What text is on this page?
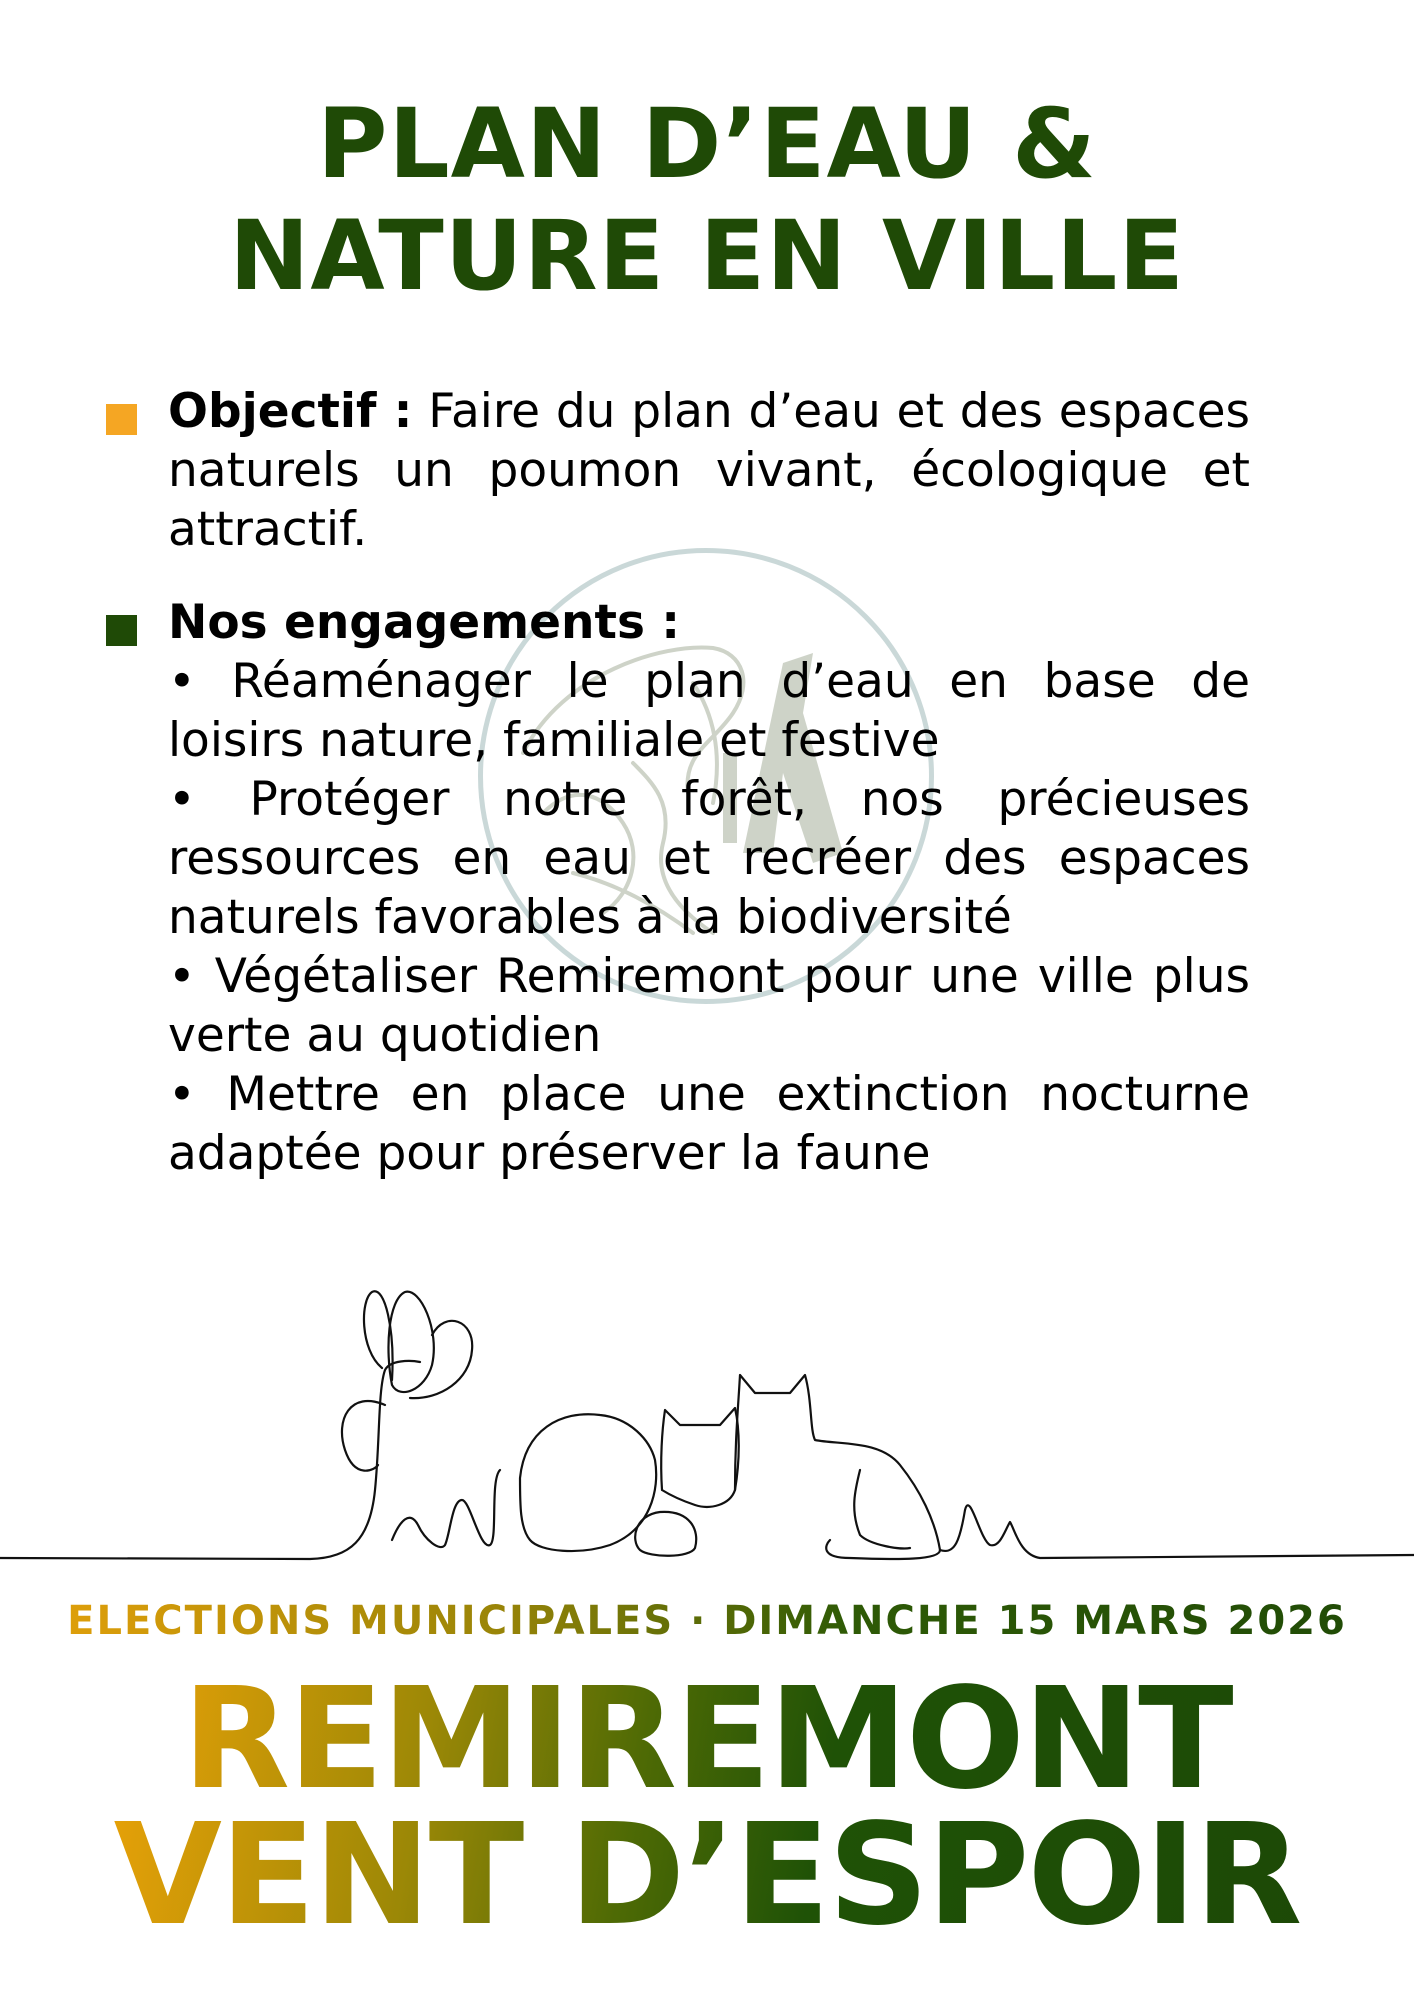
PLAN D’EAU &
NATURE EN VILLE

Objectif : Faire du plan d’eau et des espaces naturels un poumon vivant, écologique et attractif.

Nos engagements :

• Réaménager le plan d’eau en base de loisirs nature, familiale et festive

• Protéger notre forêt, nos précieuses ressources en eau et recréer des espaces naturels favorables à la biodiversité

• Végétaliser Remiremont pour une ville plus verte au quotidien

• Mettre en place une extinction nocturne adaptée pour préserver la faune

ELECTIONS MUNICIPALES · DIMANCHE 15 MARS 2026
REMIREMONT
VENT D’ESPOIR
